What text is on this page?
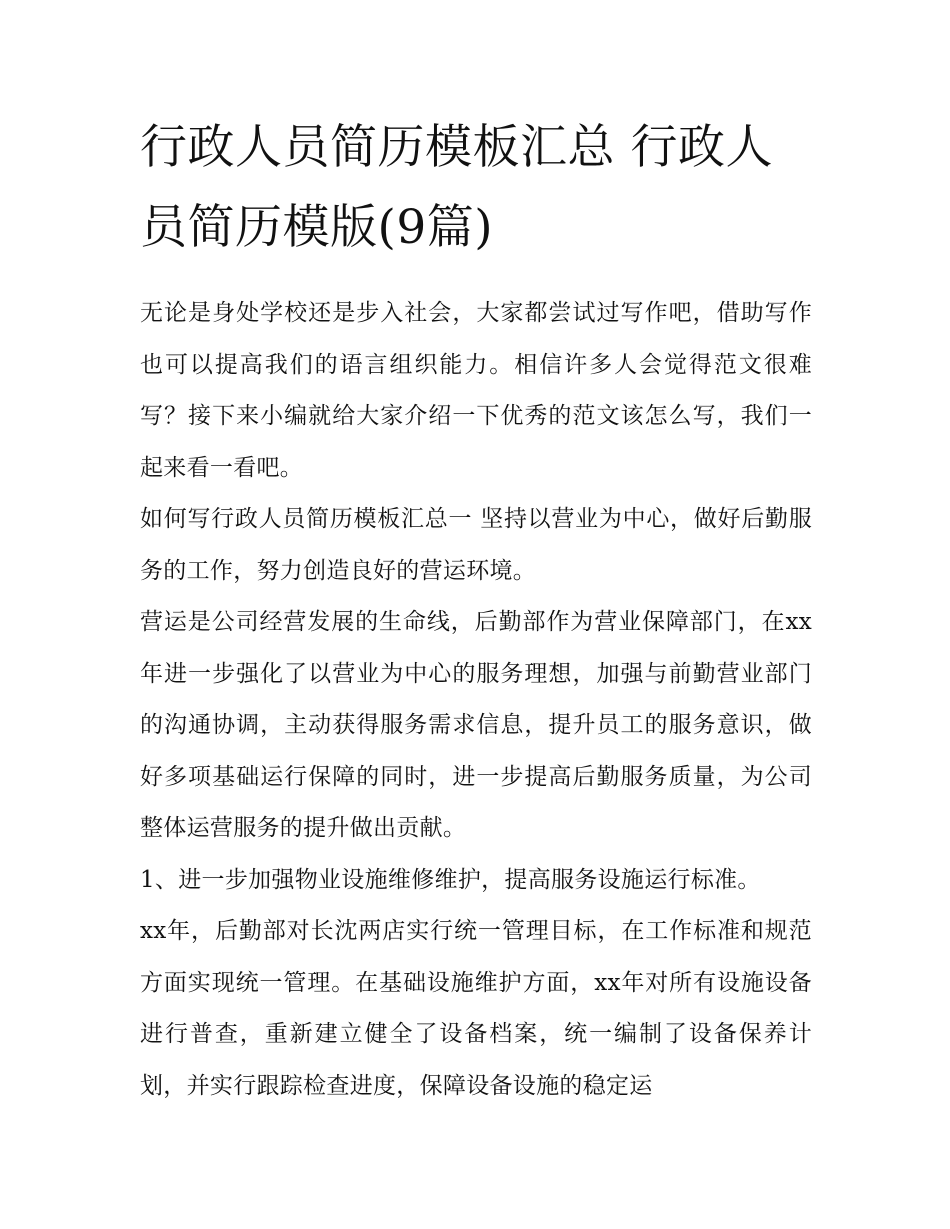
行政人员简历模板汇总 行政人员简历模版(9篇)

无论是身处学校还是步入社会，大家都尝试过写作吧，借助写作也可以提高我们的语言组织能力。相信许多人会觉得范文很难写？接下来小编就给大家介绍一下优秀的范文该怎么写，我们一起来看一看吧。

如何写行政人员简历模板汇总一 坚持以营业为中心，做好后勤服务的工作，努力创造良好的营运环境。

营运是公司经营发展的生命线，后勤部作为营业保障部门，在xx年进一步强化了以营业为中心的服务理想，加强与前勤营业部门的沟通协调，主动获得服务需求信息，提升员工的服务意识，做好多项基础运行保障的同时，进一步提高后勤服务质量，为公司整体运营服务的提升做出贡献。

1、进一步加强物业设施维修维护，提高服务设施运行标准。

xx年，后勤部对长沈两店实行统一管理目标，在工作标准和规范方面实现统一管理。在基础设施维护方面，xx年对所有设施设备进行普查，重新建立健全了设备档案，统一编制了设备保养计划，并实行跟踪检查进度，保障设备设施的稳定运
